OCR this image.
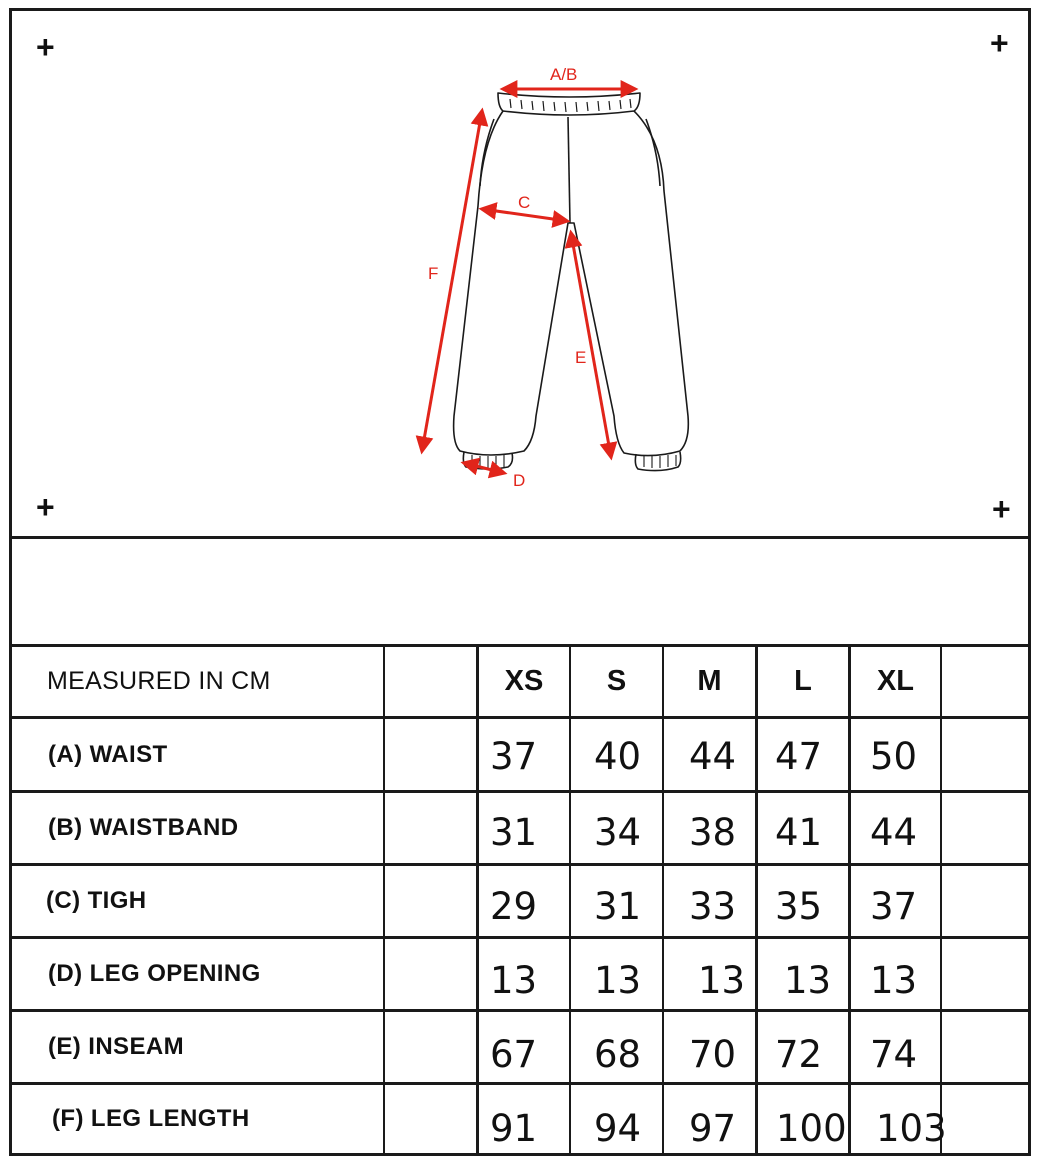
+	+
+	+
A/B
C
F
E
D
MEASURED IN CM	XS	S	M	L	XL
(A) WAIST	37 40 44 47 50
(B) WAISTBAND	31 34 38 41 44
(C) TIGH	29 31 33 35 37
(D) LEG OPENING	13 13 13 13 13
(E) INSEAM	67 68 70 72 74
(F) LEG LENGTH	91 94 97 100 103
